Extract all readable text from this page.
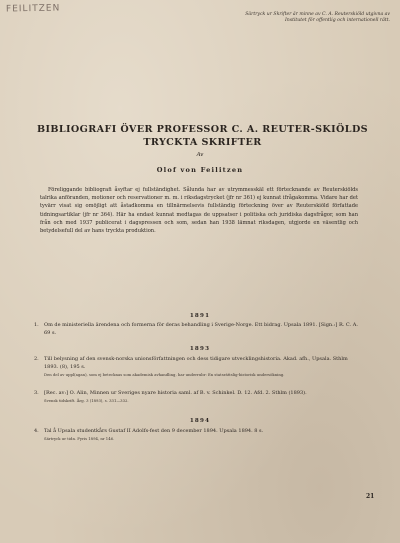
FEILITZEN
Särtryck ur Skrifter är minne av C. A. Reuterskiöld utgivna av Institutet för offentlig och internationell rätt.
BIBLIOGRAFI ÖVER PROFESSOR C. A. REUTER-SKIÖLDS TRYCKTA SKRIFTER
Av
Olof von Feilitzen
Föreliggande bibliografi åsyftar ej fullständighet. Sålunda har av utrymmesskäl ett förtecknande av Reuterskiölds talrika anföranden, motioner och reservationer m. m. i riksdagstrycket (jfr nr 361) ej kunnat ifrågakomma. Vidare har det tyvärr visat sig omöjligt att åstadkomma en tillnärmelsevis fullständig förteckning över av Reuterskiöld författade tidningsartiklar (jfr nr 364). Här ha endast kunnat medtagas de uppsatser i politiska och juridiska dagsfrågor, som han från och med 1937 publicerat i dagspressen och som, sedan han 1938 lämnat riksdagen, utgjorde en väsentlig och betydelsefull del av hans tryckta produktion.
1891
1. Om de ministeriella ärendena och formerna för deras behandling i Sverige-Norge. Ett bidrag. Upsala 1891. [Sign.:] R. C. A. 69 s.
1893
2. Till belysning af den svensk-norska unionsförfattningen och dess tidigare utvecklingshistoria. Akad. afh., Upsala. Sthlm 1893. (8), 195 s.
Den del av uppl(agan), som ej betecknas som akademisk avhandling, har underrubr: En statsrättslig-historisk undersökning.
3. [Rec. av:] O. Alin, Minnen ur Sveriges nyare historia saml. af B. v. Schinkel. D. 12. Afd. 2. Sthlm (1893).
Svensk tidskrift. Årg. 3 (1893), s. 331—332.
1894
4. Tal å Upsala studentkårs Gustaf II Adolfs-fest den 9 december 1894. Upsala 1894. 8 s.
Särtryck ur tidn. Fyris 1894, nr 146.
21
